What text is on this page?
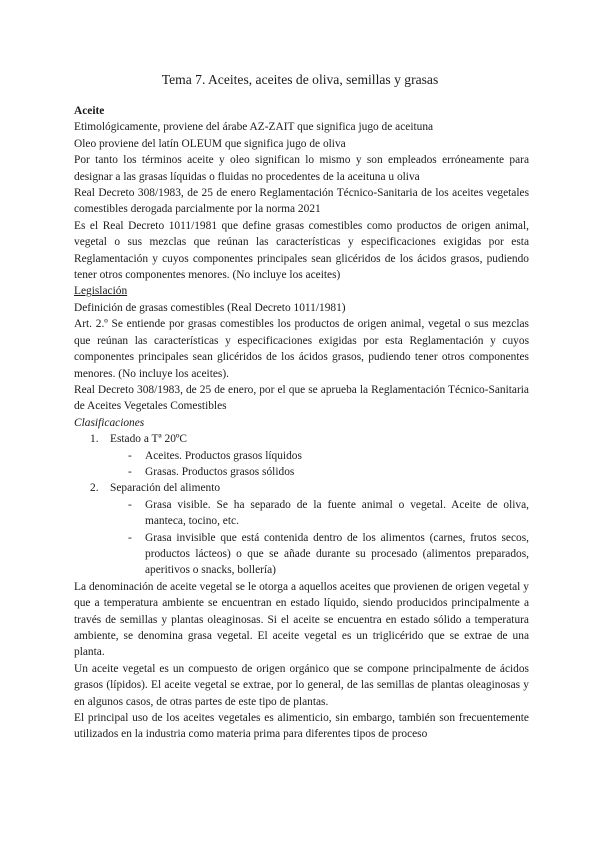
Tema 7. Aceites, aceites de oliva, semillas y grasas

Aceite

Etimológicamente, proviene del árabe AZ-ZAIT que significa jugo de aceituna

Oleo proviene del latín OLEUM que significa jugo de oliva

Por tanto los términos aceite y oleo significan lo mismo y son empleados erróneamente para designar a las grasas líquidas o fluidas no procedentes de la aceituna u oliva

Real Decreto 308/1983, de 25 de enero Reglamentación Técnico-Sanitaria de los aceites vegetales comestibles derogada parcialmente por la norma 2021

Es el Real Decreto 1011/1981 que define grasas comestibles como productos de origen animal, vegetal o sus mezclas que reúnan las características y especificaciones exigidas por esta Reglamentación y cuyos componentes principales sean glicéridos de los ácidos grasos, pudiendo tener otros componentes menores. (No incluye los aceites)

Legislación

Definición de grasas comestibles (Real Decreto 1011/1981)

Art. 2.º Se entiende por grasas comestibles los productos de origen animal, vegetal o sus mezclas que reúnan las características y especificaciones exigidas por esta Reglamentación y cuyos componentes principales sean glicéridos de los ácidos grasos, pudiendo tener otros componentes menores. (No incluye los aceites).

Real Decreto 308/1983, de 25 de enero, por el que se aprueba la Reglamentación Técnico-Sanitaria de Aceites Vegetales Comestibles

Clasificaciones

1. Estado a Tª 20ºC
- Aceites. Productos grasos líquidos
- Grasas. Productos grasos sólidos
2. Separación del alimento
- Grasa visible. Se ha separado de la fuente animal o vegetal. Aceite de oliva, manteca, tocino, etc.
- Grasa invisible que está contenida dentro de los alimentos (carnes, frutos secos, productos lácteos) o que se añade durante su procesado (alimentos preparados, aperitivos o snacks, bollería)

La denominación de aceite vegetal se le otorga a aquellos aceites que provienen de origen vegetal y que a temperatura ambiente se encuentran en estado líquido, siendo producidos principalmente a través de semillas y plantas oleaginosas. Si el aceite se encuentra en estado sólido a temperatura ambiente, se denomina grasa vegetal. El aceite vegetal es un triglicérido que se extrae de una planta.

Un aceite vegetal es un compuesto de origen orgánico que se compone principalmente de ácidos grasos (lípidos). El aceite vegetal se extrae, por lo general, de las semillas de plantas oleaginosas y en algunos casos, de otras partes de este tipo de plantas.

El principal uso de los aceites vegetales es alimenticio, sin embargo, también son frecuentemente utilizados en la industria como materia prima para diferentes tipos de proceso
